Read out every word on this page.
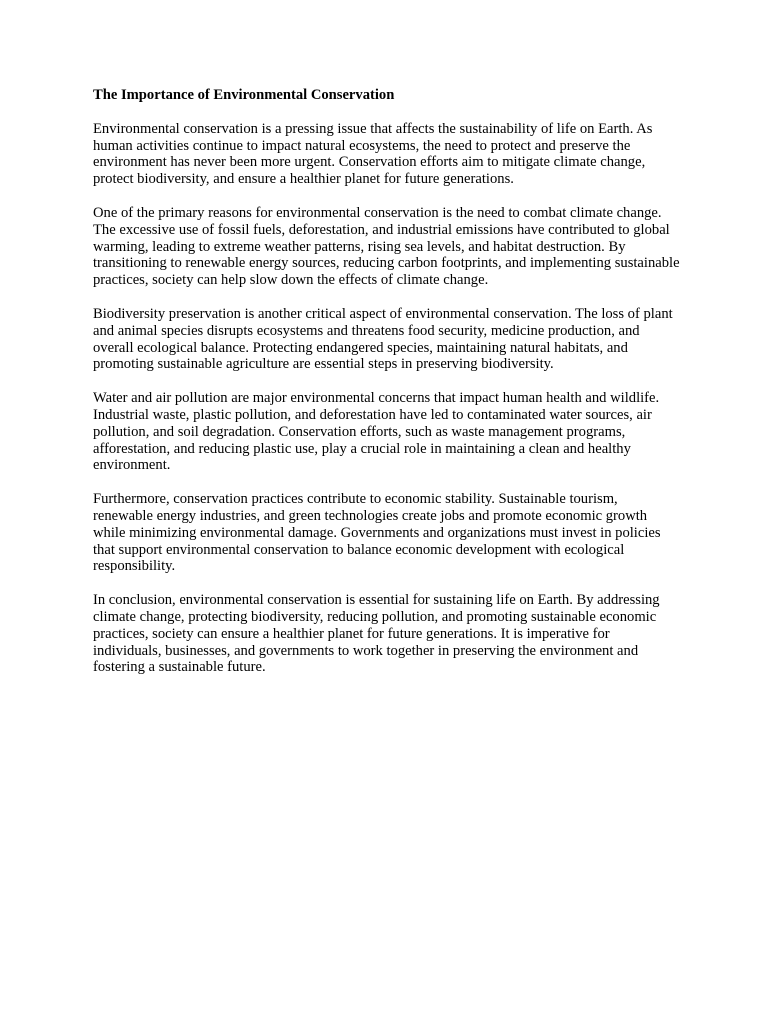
The Importance of Environmental Conservation

Environmental conservation is a pressing issue that affects the sustainability of life on Earth. As human activities continue to impact natural ecosystems, the need to protect and preserve the environment has never been more urgent. Conservation efforts aim to mitigate climate change, protect biodiversity, and ensure a healthier planet for future generations.

One of the primary reasons for environmental conservation is the need to combat climate change. The excessive use of fossil fuels, deforestation, and industrial emissions have contributed to global warming, leading to extreme weather patterns, rising sea levels, and habitat destruction. By transitioning to renewable energy sources, reducing carbon footprints, and implementing sustainable practices, society can help slow down the effects of climate change.

Biodiversity preservation is another critical aspect of environmental conservation. The loss of plant and animal species disrupts ecosystems and threatens food security, medicine production, and overall ecological balance. Protecting endangered species, maintaining natural habitats, and promoting sustainable agriculture are essential steps in preserving biodiversity.

Water and air pollution are major environmental concerns that impact human health and wildlife. Industrial waste, plastic pollution, and deforestation have led to contaminated water sources, air pollution, and soil degradation. Conservation efforts, such as waste management programs, afforestation, and reducing plastic use, play a crucial role in maintaining a clean and healthy environment.

Furthermore, conservation practices contribute to economic stability. Sustainable tourism, renewable energy industries, and green technologies create jobs and promote economic growth while minimizing environmental damage. Governments and organizations must invest in policies that support environmental conservation to balance economic development with ecological responsibility.

In conclusion, environmental conservation is essential for sustaining life on Earth. By addressing climate change, protecting biodiversity, reducing pollution, and promoting sustainable economic practices, society can ensure a healthier planet for future generations. It is imperative for individuals, businesses, and governments to work together in preserving the environment and fostering a sustainable future.
